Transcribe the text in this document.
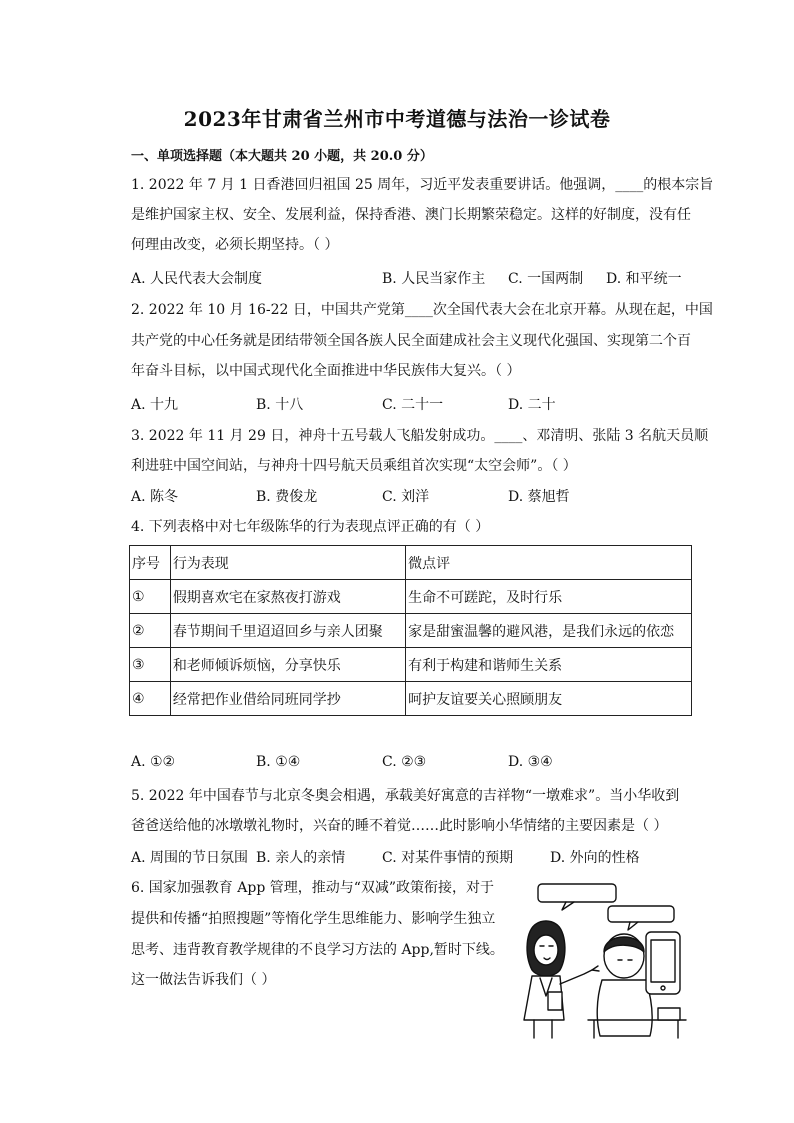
2023年甘肃省兰州市中考道德与法治一诊试卷
一、单项选择题（本大题共 20 小题，共 20.0 分）
1. 2022 年 7 月 1 日香港回归祖国 25 周年，习近平发表重要讲话。他强调，____的根本宗旨
是维护国家主权、安全、发展利益，保持香港、澳门长期繁荣稳定。这样的好制度，没有任
何理由改变，必须长期坚持。（ ）
A. 人民代表大会制度	B. 人民当家作主 C. 一国两制 D. 和平统一
2. 2022 年 10 月 16-22 日，中国共产党第____次全国代表大会在北京开幕。从现在起，中国
共产党的中心任务就是团结带领全国各族人民全面建成社会主义现代化强国、实现第二个百
年奋斗目标，以中国式现代化全面推进中华民族伟大复兴。（ ）
A. 十九	B. 十八	C. 二十一	D. 二十
3. 2022 年 11 月 29 日，神舟十五号载人飞船发射成功。____、邓清明、张陆 3 名航天员顺
利进驻中国空间站，与神舟十四号航天员乘组首次实现“太空会师”。（ ）
A. 陈冬	B. 费俊龙	C. 刘洋	D. 蔡旭哲
4. 下列表格中对七年级陈华的行为表现点评正确的有（ ）
序号	行为表现	微点评
①	假期喜欢宅在家熬夜打游戏	生命不可蹉跎，及时行乐
②	春节期间千里迢迢回乡与亲人团聚	家是甜蜜温馨的避风港，是我们永远的依恋
③	和老师倾诉烦恼，分享快乐	有利于构建和谐师生关系
④	经常把作业借给同班同学抄	呵护友谊要关心照顾朋友
A. ①②	B. ①④	C. ②③	D. ③④
5. 2022 年中国春节与北京冬奥会相遇，承载美好寓意的吉祥物“一墩难求”。当小华收到
爸爸送给他的冰墩墩礼物时，兴奋的睡不着觉……此时影响小华情绪的主要因素是（ ）
A. 周围的节日氛围 B. 亲人的亲情	C. 对某件事情的预期	D. 外向的性格
6. 国家加强教育 App 管理，推动与“双减”政策衔接，对于
提供和传播“拍照搜题”等惰化学生思维能力、影响学生独立
思考、违背教育教学规律的不良学习方法的 App,暂时下线。
这一做法告诉我们（ ）
